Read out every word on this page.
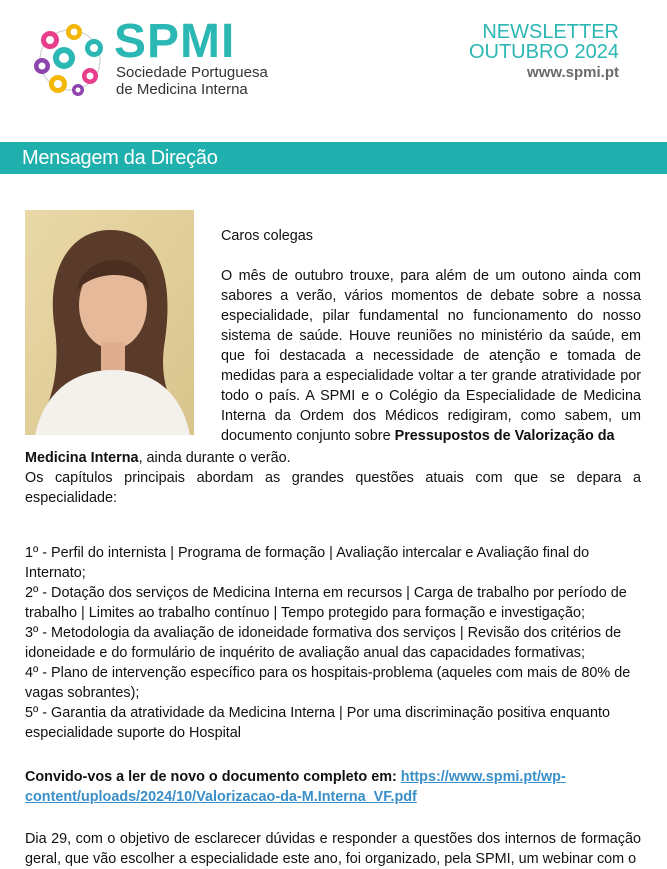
SPMI
Sociedade Portuguesa
de Medicina Interna
NEWSLETTER
OUTUBRO 2024
www.spmi.pt
Mensagem da Direção
Caros colegas
O mês de outubro trouxe, para além de um outono ainda com sabores a verão, vários momentos de debate sobre a nossa especialidade, pilar fundamental no funcionamento do nosso sistema de saúde. Houve reuniões no ministério da saúde, em que foi destacada a necessidade de atenção e tomada de medidas para a especialidade voltar a ter grande atratividade por todo o país. A SPMI e o Colégio da Especialidade de Medicina Interna da Ordem dos Médicos redigiram, como sabem, um documento conjunto sobre Pressupostos de Valorização da

Medicina Interna, ainda durante o verão.

Os capítulos principais abordam as grandes questões atuais com que se depara a especialidade:

1º - Perfil do internista | Programa de formação | Avaliação intercalar e Avaliação final do Internato;
2º - Dotação dos serviços de Medicina Interna em recursos | Carga de trabalho por período de trabalho | Limites ao trabalho contínuo | Tempo protegido para formação e investigação;
3º - Metodologia da avaliação de idoneidade formativa dos serviços | Revisão dos critérios de idoneidade e do formulário de inquérito de avaliação anual das capacidades formativas;
4º - Plano de intervenção específico para os hospitais-problema (aqueles com mais de 80% de vagas sobrantes);
5º - Garantia da atratividade da Medicina Interna | Por uma discriminação positiva enquanto especialidade suporte do Hospital

Convido-vos a ler de novo o documento completo em: https://www.spmi.pt/wp-content/uploads/2024/10/Valorizacao-da-M.Interna_VF.pdf

Dia 29, com o objetivo de esclarecer dúvidas e responder a questões dos internos de formação geral, que vão escolher a especialidade este ano, foi organizado, pela SPMI, um webinar com o
